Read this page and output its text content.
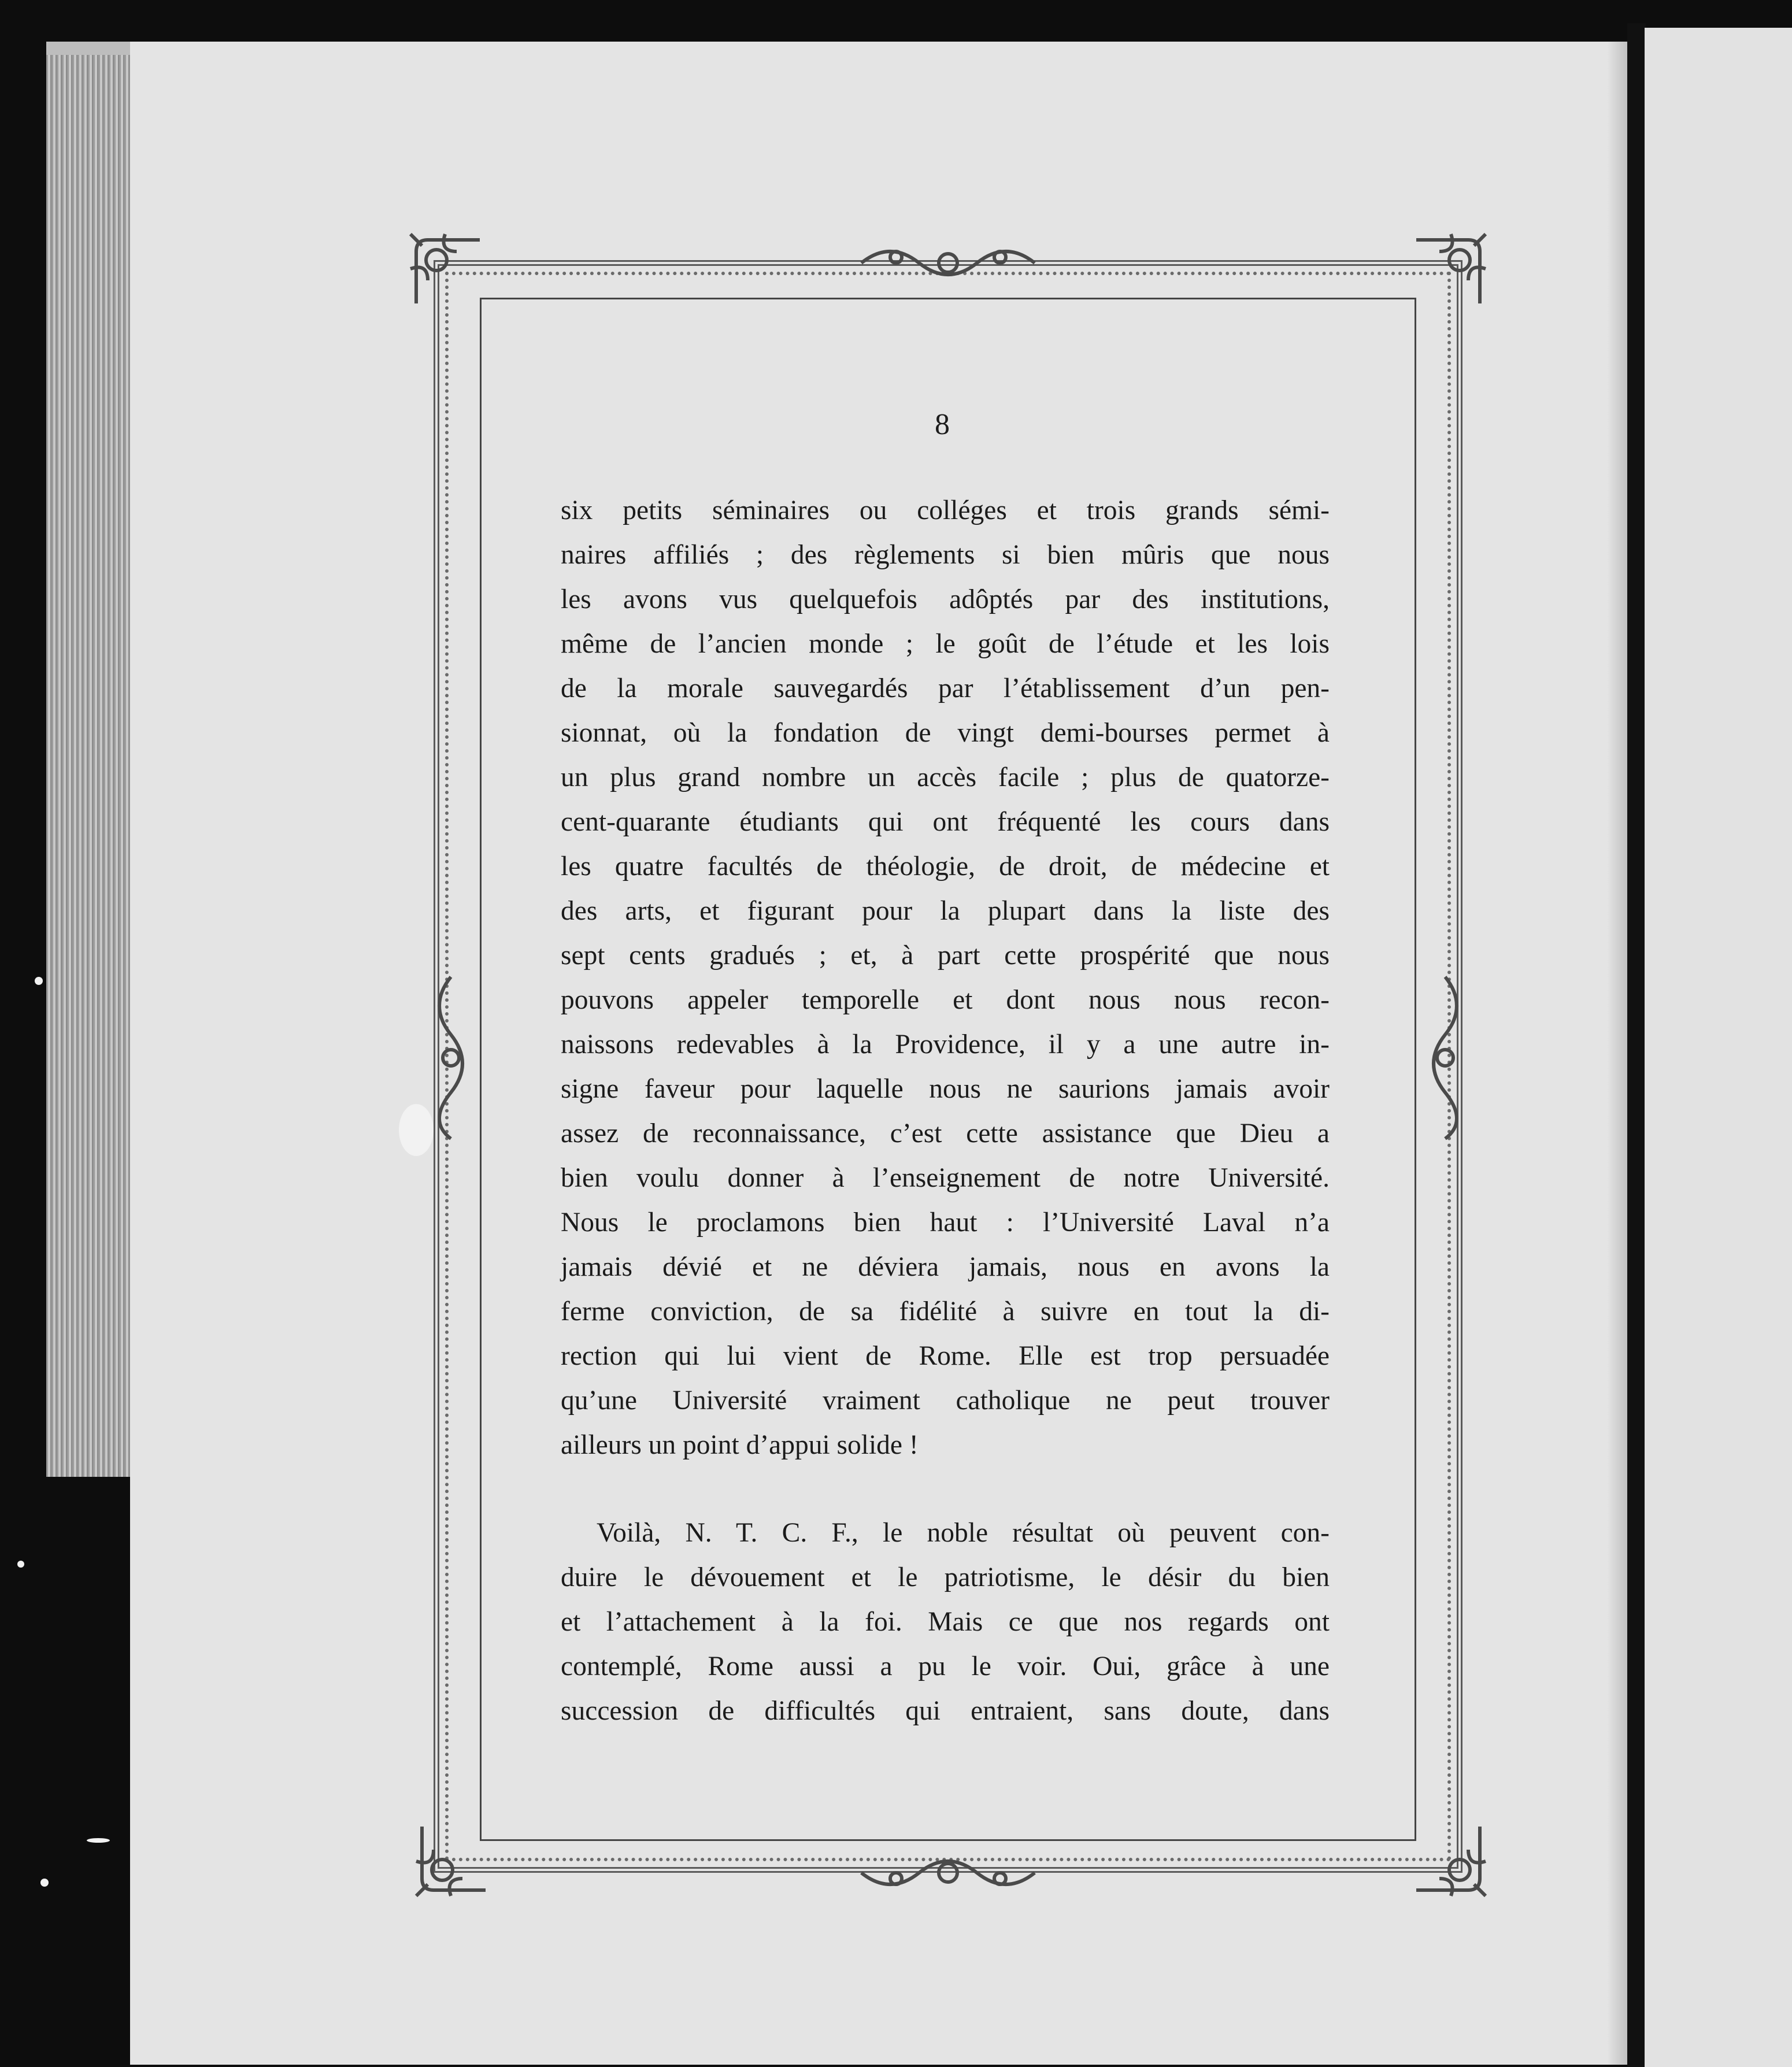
8
six petits séminaires ou colléges et trois grands sémi-
naires affiliés ; des règlements si bien mûris que nous
les avons vus quelquefois adôptés par des institutions,
même de l’ancien monde ; le goût de l’étude et les lois
de la morale sauvegardés par l’établissement d’un pen-
sionnat, où la fondation de vingt demi-bourses permet à
un plus grand nombre un accès facile ; plus de quatorze-
cent-quarante étudiants qui ont fréquenté les cours dans
les quatre facultés de théologie, de droit, de médecine et
des arts, et figurant pour la plupart dans la liste des
sept cents gradués ; et, à part cette prospérité que nous
pouvons appeler temporelle et dont nous nous recon-
naissons redevables à la Providence, il y a une autre in-
signe faveur pour laquelle nous ne saurions jamais avoir
assez de reconnaissance, c’est cette assistance que Dieu a
bien voulu donner à l’enseignement de notre Université.
Nous le proclamons bien haut : l’Université Laval n’a
jamais dévié et ne déviera jamais, nous en avons la
ferme conviction, de sa fidélité à suivre en tout la di-
rection qui lui vient de Rome. Elle est trop persuadée
qu’une Université vraiment catholique ne peut trouver
ailleurs un point d’appui solide !
Voilà, N. T. C. F., le noble résultat où peuvent con-
duire le dévouement et le patriotisme, le désir du bien
et l’attachement à la foi. Mais ce que nos regards ont
contemplé, Rome aussi a pu le voir. Oui, grâce à une
succession de difficultés qui entraient, sans doute, dans
